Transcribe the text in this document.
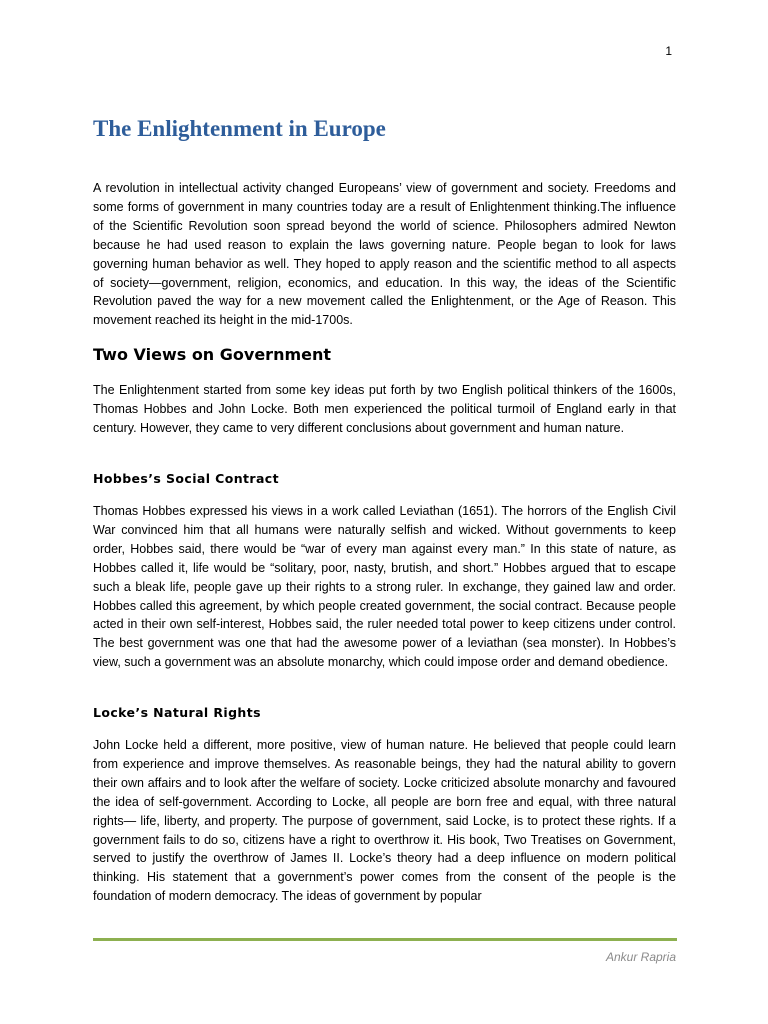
1
The Enlightenment in Europe

A revolution in intellectual activity changed Europeans’ view of government and society. Freedoms and some forms of government in many countries today are a result of Enlightenment thinking.The influence of the Scientific Revolution soon spread beyond the world of science. Philosophers admired Newton because he had used reason to explain the laws governing nature. People began to look for laws governing human behavior as well. They hoped to apply reason and the scientific method to all aspects of society—government, religion, economics, and education. In this way, the ideas of the Scientific Revolution paved the way for a new movement called the Enlightenment, or the Age of Reason. This movement reached its height in the mid-1700s.

Two Views on Government

The Enlightenment started from some key ideas put forth by two English political thinkers of the 1600s, Thomas Hobbes and John Locke. Both men experienced the political turmoil of England early in that century. However, they came to very different conclusions about government and human nature.

Hobbes’s Social Contract

Thomas Hobbes expressed his views in a work called Leviathan (1651). The horrors of the English Civil War convinced him that all humans were naturally selfish and wicked. Without governments to keep order, Hobbes said, there would be “war of every man against every man.” In this state of nature, as Hobbes called it, life would be “solitary, poor, nasty, brutish, and short.” Hobbes argued that to escape such a bleak life, people gave up their rights to a strong ruler. In exchange, they gained law and order. Hobbes called this agreement, by which people created government, the social contract. Because people acted in their own self-interest, Hobbes said, the ruler needed total power to keep citizens under control. The best government was one that had the awesome power of a leviathan (sea monster). In Hobbes’s view, such a government was an absolute monarchy, which could impose order and demand obedience.

Locke’s Natural Rights

John Locke held a different, more positive, view of human nature. He believed that people could learn from experience and improve themselves. As reasonable beings, they had the natural ability to govern their own affairs and to look after the welfare of society. Locke criticized absolute monarchy and favoured the idea of self-government. According to Locke, all people are born free and equal, with three natural rights— life, liberty, and property. The purpose of government, said Locke, is to protect these rights. If a government fails to do so, citizens have a right to overthrow it. His book, Two Treatises on Government, served to justify the overthrow of James II. Locke’s theory had a deep influence on modern political thinking. His statement that a government’s power comes from the consent of the people is the foundation of modern democracy. The ideas of government by popular

Ankur Rapria
